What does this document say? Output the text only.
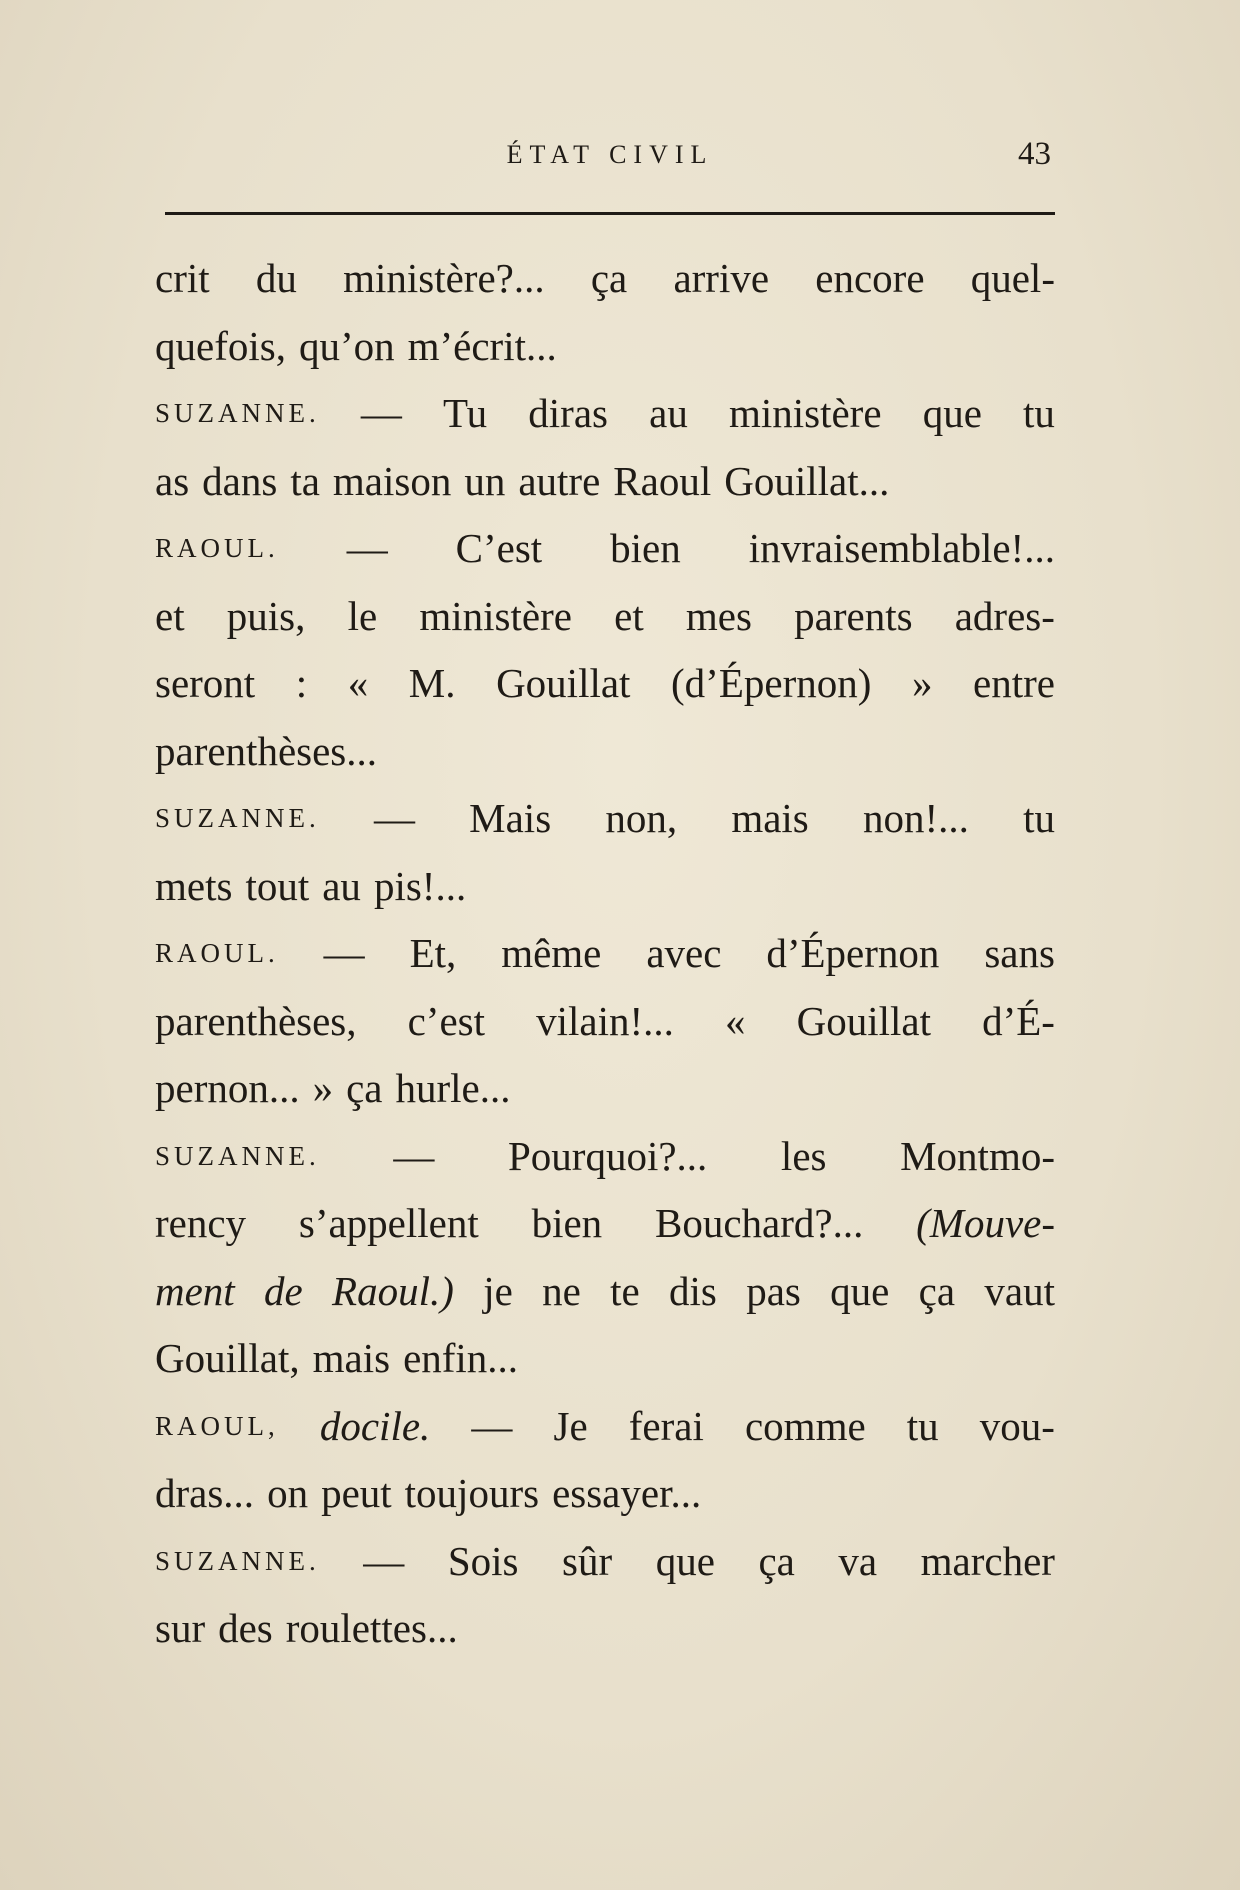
ÉTAT CIVIL	43
crit du ministère?... ça arrive encore quel-
quefois, qu’on m’écrit...
SUZANNE. — Tu diras au ministère que tu
as dans ta maison un autre Raoul Gouillat...
RAOUL. — C’est bien invraisemblable!...
et puis, le ministère et mes parents adres-
seront : « M. Gouillat (d’Épernon) » entre
parenthèses...
SUZANNE. — Mais non, mais non!... tu
mets tout au pis!...
RAOUL. — Et, même avec d’Épernon sans
parenthèses, c’est vilain!... « Gouillat d’É-
pernon... » ça hurle...
SUZANNE. — Pourquoi?... les Montmo-
rency s’appellent bien Bouchard?... (Mouve-
ment de Raoul.) je ne te dis pas que ça vaut
Gouillat, mais enfin...
RAOUL, docile. — Je ferai comme tu vou-
dras... on peut toujours essayer...
SUZANNE. — Sois sûr que ça va marcher
sur des roulettes...
